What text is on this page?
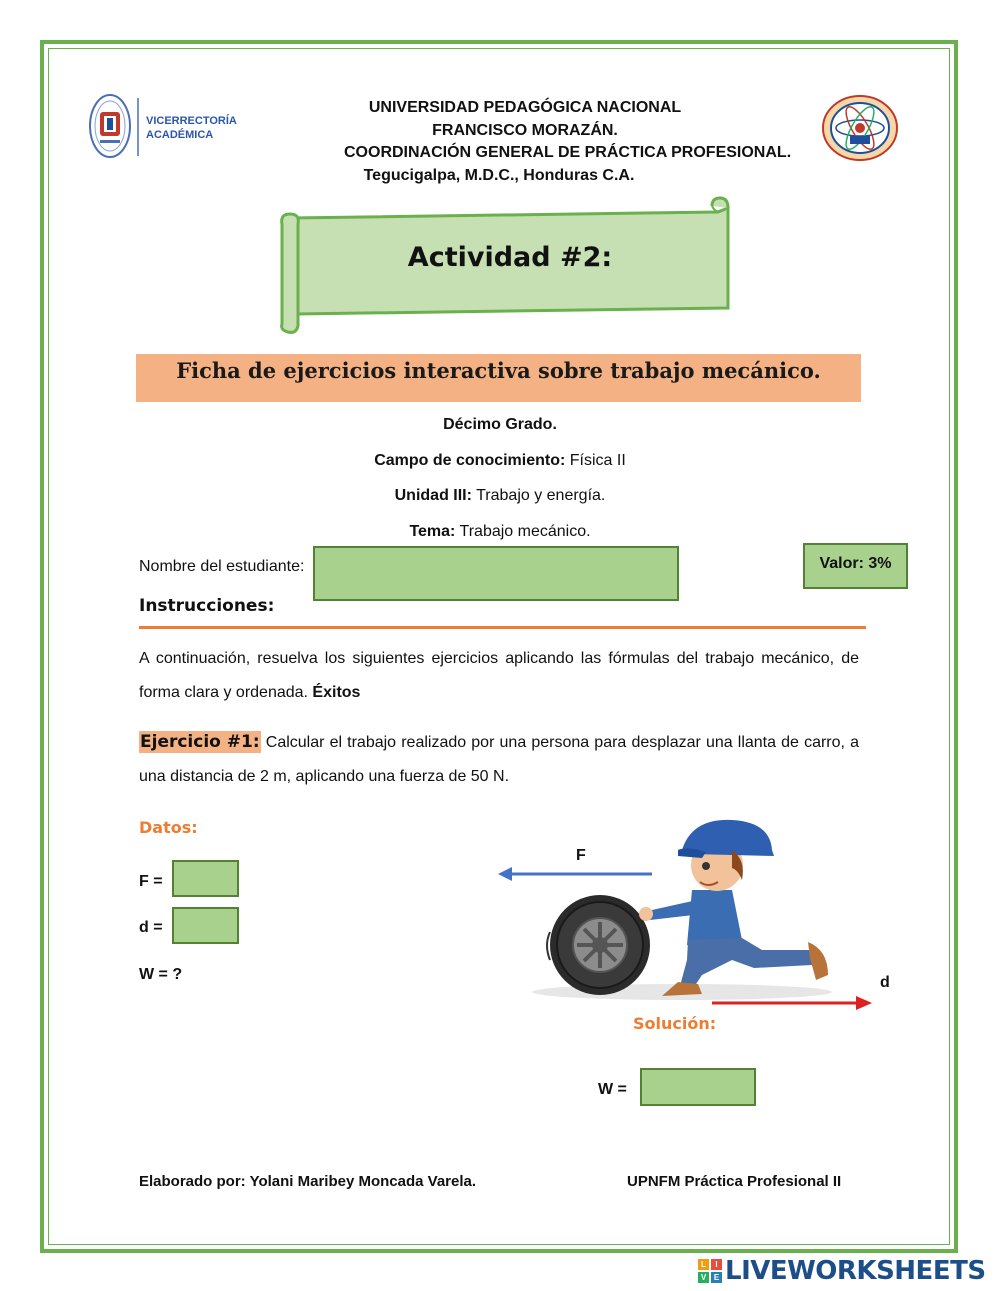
VICERRECTORÍA
ACADÉMICA
UNIVERSIDAD PEDAGÓGICA NACIONAL
FRANCISCO MORAZÁN.
COORDINACIÓN GENERAL DE PRÁCTICA PROFESIONAL.
Tegucigalpa, M.D.C., Honduras C.A.
Actividad #2:
Ficha de ejercicios interactiva sobre trabajo mecánico.
Décimo Grado.
Campo de conocimiento: Física II
Unidad III: Trabajo y energía.
Tema: Trabajo mecánico.
Nombre del estudiante:	Valor: 3%
Instrucciones:
A continuación, resuelva los siguientes ejercicios aplicando las fórmulas del trabajo mecánico, de forma clara y ordenada. Éxitos
Ejercicio #1: Calcular el trabajo realizado por una persona para desplazar una llanta de carro, a una distancia de 2 m, aplicando una fuerza de 50 N.
Datos:
F =
d =
W = ?
F
d
Solución:
W =
Elaborado por: Yolani Maribey Moncada Varela.	UPNFM Práctica Profesional II
L	I
V E LIVEWORKSHEETS
